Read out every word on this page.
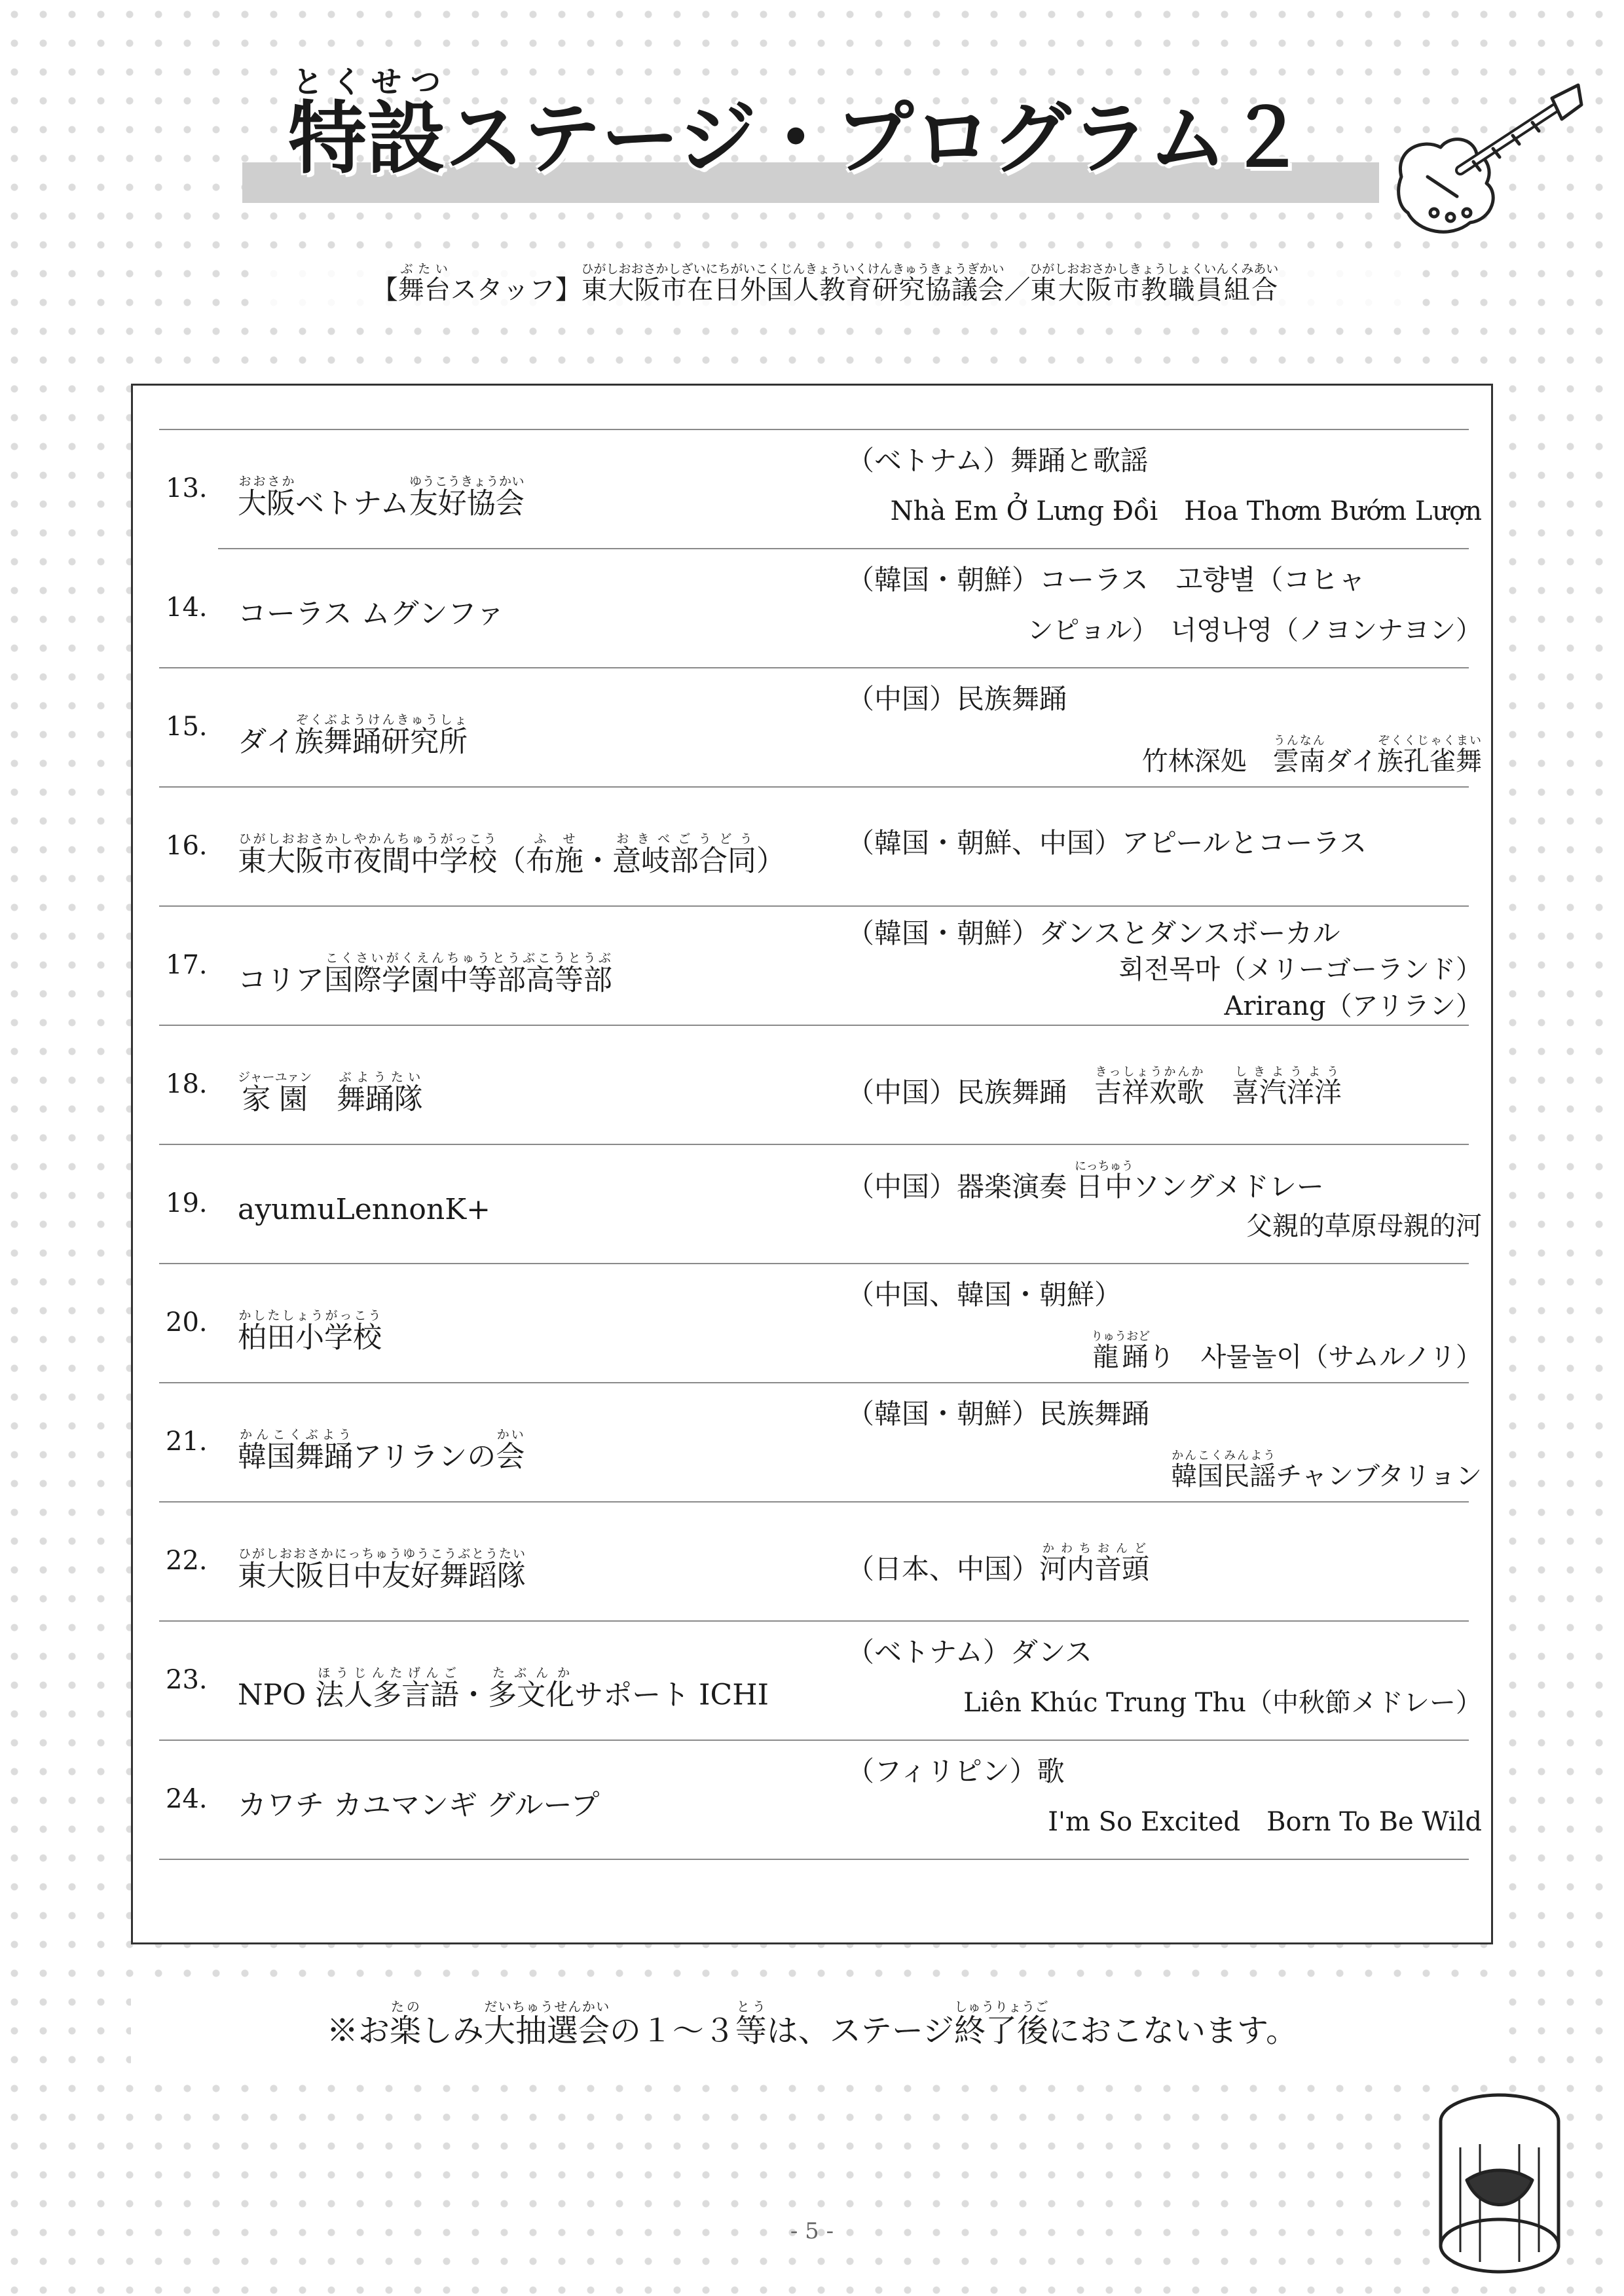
特設とくせつステージ・プログラム２
【舞台ぶたいスタッフ】東大阪市在日外国人教育研究協議会ひがしおおさかしざいにちがいこくじんきょういくけんきゅうきょうぎかい／東大阪市教職員組合ひがしおおさかしきょうしょくいんくみあい
13.	大阪おおさかベトナム友好協会ゆうこうきょうかい
（ベトナム）舞踊と歌謡
Nhà Em Ở Lưng Đồi　Hoa Thơm Bướm Lượn
14.	コーラス ムグンファ
（韓国・朝鮮）コーラス　고향별（コヒャ
ンピョル）　너영나영（ノヨンナヨン）
15.	ダイ族舞踊研究所ぞくぶようけんきゅうしょ
（中国）民族舞踊
竹林深処　雲南うんなんダイ族孔雀舞ぞくくじゃくまい
16.	東大阪市夜間中学校ひがしおおさかしやかんちゅうがっこう（布施ふせ・意岐部合同おきべごうどう）
（韓国・朝鮮、中国）アピールとコーラス
17.	コリア国際学園中等部高等部こくさいがくえんちゅうとうぶこうとうぶ
（韓国・朝鮮）ダンスとダンスボーカル
회전목마（メリーゴーランド）
Arirang（アリラン）
18.	家園ジャーユァン　舞踊隊ぶようたい	（中国）民族舞踊　吉祥欢歌きっしょうかんか　喜汽洋洋しきようよう
19.	ayumuLennonK+
（中国）器楽演奏 日中にっちゅうソングメドレー
父親的草原母親的河
20.	柏田小学校かしたしょうがっこう
（中国、韓国・朝鮮）
龍踊りゅうおどり　사물놀이（サムルノリ）
21.	韓国舞踊かんこくぶようアリランの会かい
（韓国・朝鮮）民族舞踊
韓国民謡かんこくみんようチャンブタリョン
22.	東大阪日中友好舞蹈隊ひがしおおさかにっちゅうゆうこうぶとうたい	（日本、中国）河内音頭かわちおんど
23.	NPO 法人多言語ほうじんたげんご・多文化たぶんかサポート ICHI
（ベトナム）ダンス
Liên Khúc Trung Thu（中秋節メドレー）
24.	カワチ カユマンギ グループ
（フィリピン）歌
I'm So Excited　Born To Be Wild
※お楽たのしみ大抽選会だいちゅうせんかいの１～３等とうは、ステージ終了後しゅうりょうごにおこないます。
- 5 -
